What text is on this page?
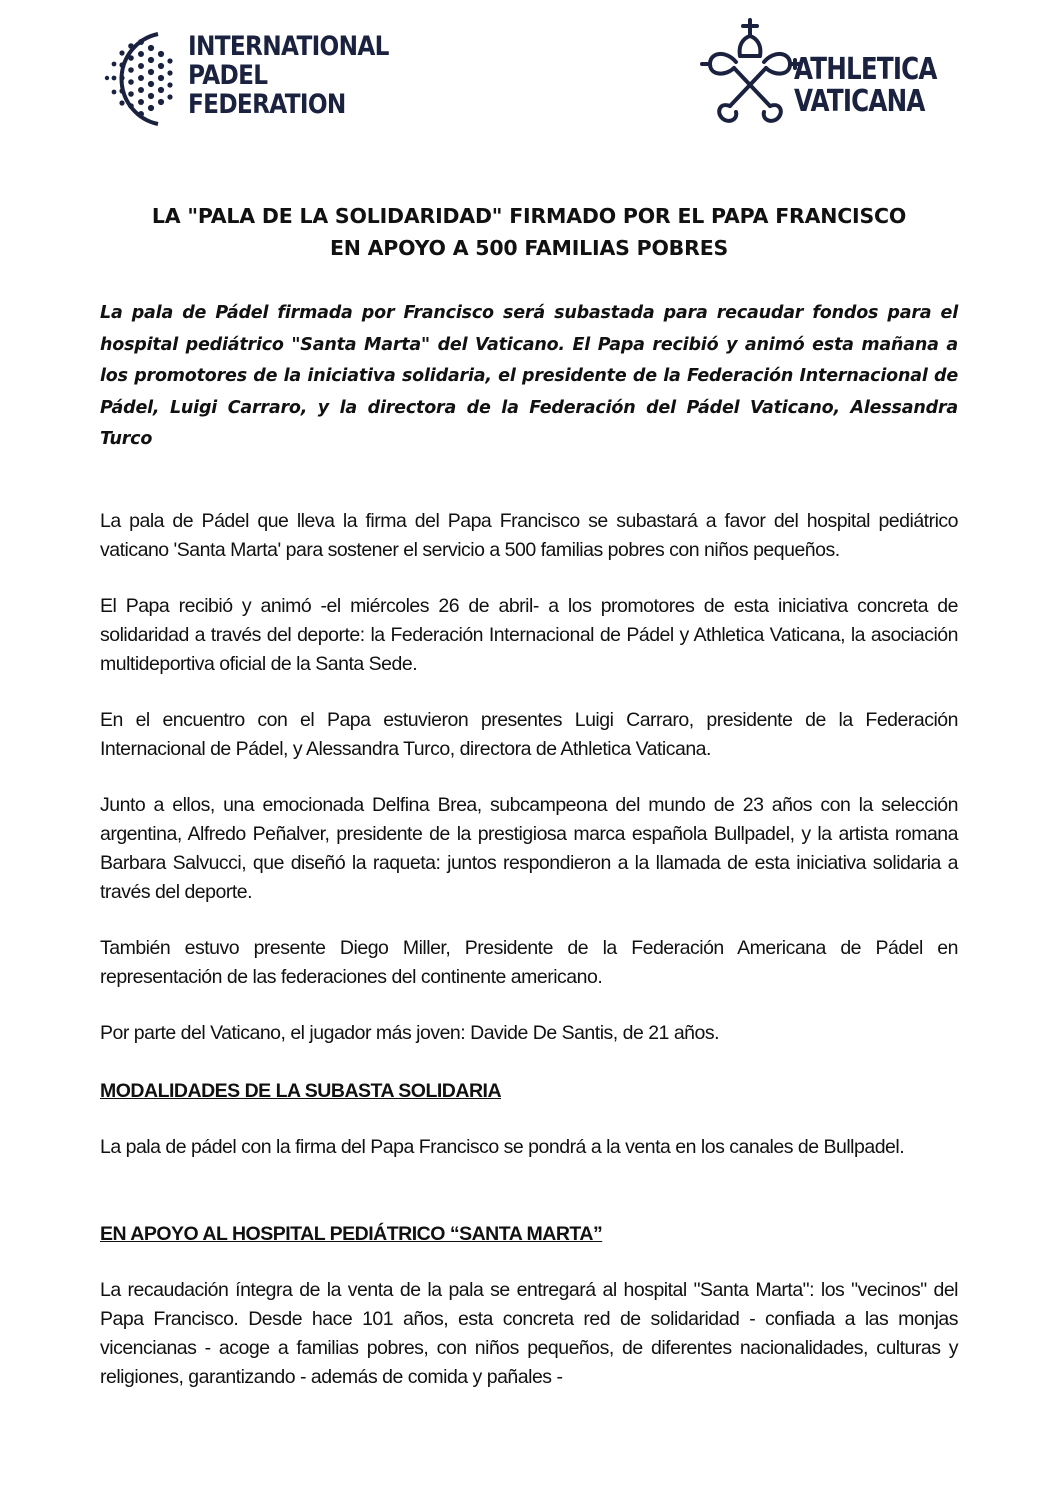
INTERNATIONAL
PADEL
FEDERATION
ATHLETICA
VATICANA
LA "PALA DE LA SOLIDARIDAD" FIRMADO POR EL PAPA FRANCISCO
EN APOYO A 500 FAMILIAS POBRES
La pala de Pádel firmada por Francisco será subastada para recaudar fondos para el hospital pediátrico "Santa Marta" del Vaticano. El Papa recibió y animó esta mañana a los promotores de la iniciativa solidaria, el presidente de la Federación Internacional de Pádel, Luigi Carraro, y la directora de la Federación del Pádel Vaticano, Alessandra Turco

La pala de Pádel que lleva la firma del Papa Francisco se subastará a favor del hospital pediátrico vaticano 'Santa Marta' para sostener el servicio a 500 familias pobres con niños pequeños.

El Papa recibió y animó -el miércoles 26 de abril- a los promotores de esta iniciativa concreta de solidaridad a través del deporte: la Federación Internacional de Pádel y Athletica Vaticana, la asociación multideportiva oficial de la Santa Sede.

En el encuentro con el Papa estuvieron presentes Luigi Carraro, presidente de la Federación Internacional de Pádel, y Alessandra Turco, directora de Athletica Vaticana.

Junto a ellos, una emocionada Delfina Brea, subcampeona del mundo de 23 años con la selección argentina, Alfredo Peñalver, presidente de la prestigiosa marca española Bullpadel, y la artista romana Barbara Salvucci, que diseñó la raqueta: juntos respondieron a la llamada de esta iniciativa solidaria a través del deporte.

También estuvo presente Diego Miller, Presidente de la Federación Americana de Pádel en representación de las federaciones del continente americano.

Por parte del Vaticano, el jugador más joven: Davide De Santis, de 21 años.

MODALIDADES DE LA SUBASTA SOLIDARIA

La pala de pádel con la firma del Papa Francisco se pondrá a la venta en los canales de Bullpadel.

EN APOYO AL HOSPITAL PEDIÁTRICO “SANTA MARTA”

La recaudación íntegra de la venta de la pala se entregará al hospital "Santa Marta": los "vecinos" del Papa Francisco. Desde hace 101 años, esta concreta red de solidaridad - confiada a las monjas vicencianas - acoge a familias pobres, con niños pequeños, de diferentes nacionalidades, culturas y religiones, garantizando - además de comida y pañales -
